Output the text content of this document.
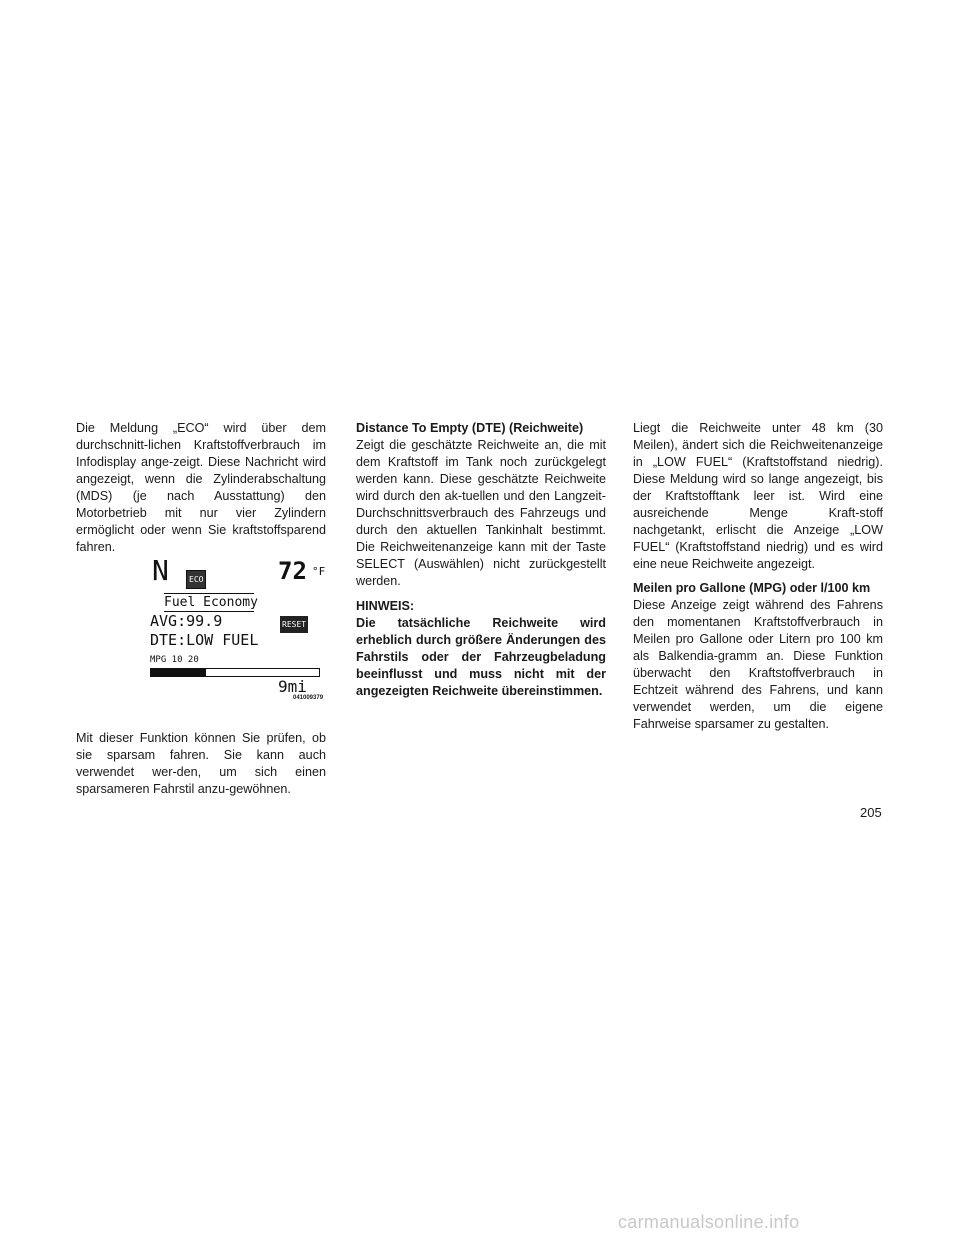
Die Meldung „ECO“ wird über dem durchschnitt-lichen Kraftstoffverbrauch im Infodisplay ange-zeigt. Diese Nachricht wird angezeigt, wenn die Zylinderabschaltung (MDS) (je nach Ausstattung) den Motorbetrieb mit nur vier Zylindern ermöglicht oder wenn Sie kraftstoffsparend fahren.

N	ECO	72 °F
Fuel Economy
AVG:99.9	RESET
DTE:LOW FUEL
MPG 10 20
9mi
041009379

Mit dieser Funktion können Sie prüfen, ob sie sparsam fahren. Sie kann auch verwendet wer-den, um sich einen sparsameren Fahrstil anzu-gewöhnen.

Distance To Empty (DTE) (Reichweite)

Zeigt die geschätzte Reichweite an, die mit dem Kraftstoff im Tank noch zurückgelegt werden kann. Diese geschätzte Reichweite wird durch den ak-tuellen und den Langzeit-Durchschnittsverbrauch des Fahrzeugs und durch den aktuellen Tankinhalt bestimmt. Die Reichweitenanzeige kann mit der Taste SELECT (Auswählen) nicht zurückgestellt werden.

HINWEIS:

Die tatsächliche Reichweite wird erheblich durch größere Änderungen des Fahrstils oder der Fahrzeugbeladung beeinflusst und muss nicht mit der angezeigten Reichweite übereinstimmen.

Liegt die Reichweite unter 48 km (30 Meilen), ändert sich die Reichweitenanzeige in „LOW FUEL“ (Kraftstoffstand niedrig). Diese Meldung wird so lange angezeigt, bis der Kraftstofftank leer ist. Wird eine ausreichende Menge Kraft-stoff nachgetankt, erlischt die Anzeige „LOW FUEL“ (Kraftstoffstand niedrig) und es wird eine neue Reichweite angezeigt.

Meilen pro Gallone (MPG) oder l/100 km

Diese Anzeige zeigt während des Fahrens den momentanen Kraftstoffverbrauch in Meilen pro Gallone oder Litern pro 100 km als Balkendia-gramm an. Diese Funktion überwacht den Kraftstoffverbrauch in Echtzeit während des Fahrens, und kann verwendet werden, um die eigene Fahrweise sparsamer zu gestalten.

205
carmanualsonline.info
